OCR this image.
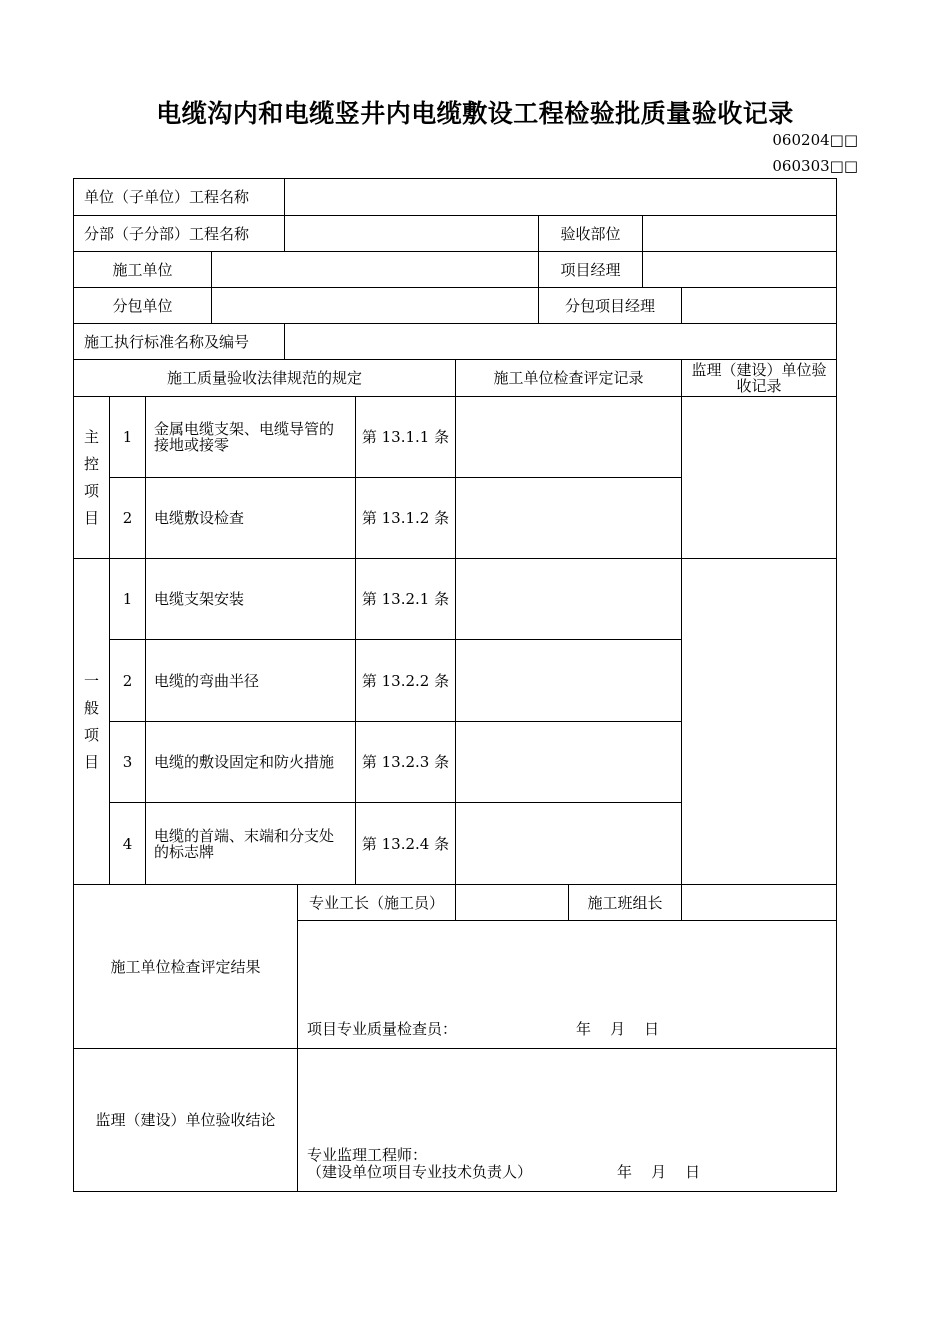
电缆沟内和电缆竖井内电缆敷设工程检验批质量验收记录
060204□□
060303□□
单位（子单位）工程名称
分部（子分部）工程名称	验收部位
施工单位	项目经理
分包单位	分包项目经理
施工执行标准名称及编号
施工质量验收法律规范的规定	施工单位检查评定记录	监理（建设）单位验收记录
主
控
项
目
1	金属电缆支架、电缆导管的接地或接零	第 13.1.1 条
2	电缆敷设检查	第 13.1.2 条
一
般
项
目
1	电缆支架安装	第 13.2.1 条
2	电缆的弯曲半径	第 13.2.2 条
3	电缆的敷设固定和防火措施	第 13.2.3 条
4	电缆的首端、末端和分支处的标志牌	第 13.2.4 条
施工单位检查评定结果
专业工长（施工员）	施工班组长
项目专业质量检查员：	年    月    日
监理（建设）单位验收结论
专业监理工程师：
（建设单位项目专业技术负责人）	年    月    日
